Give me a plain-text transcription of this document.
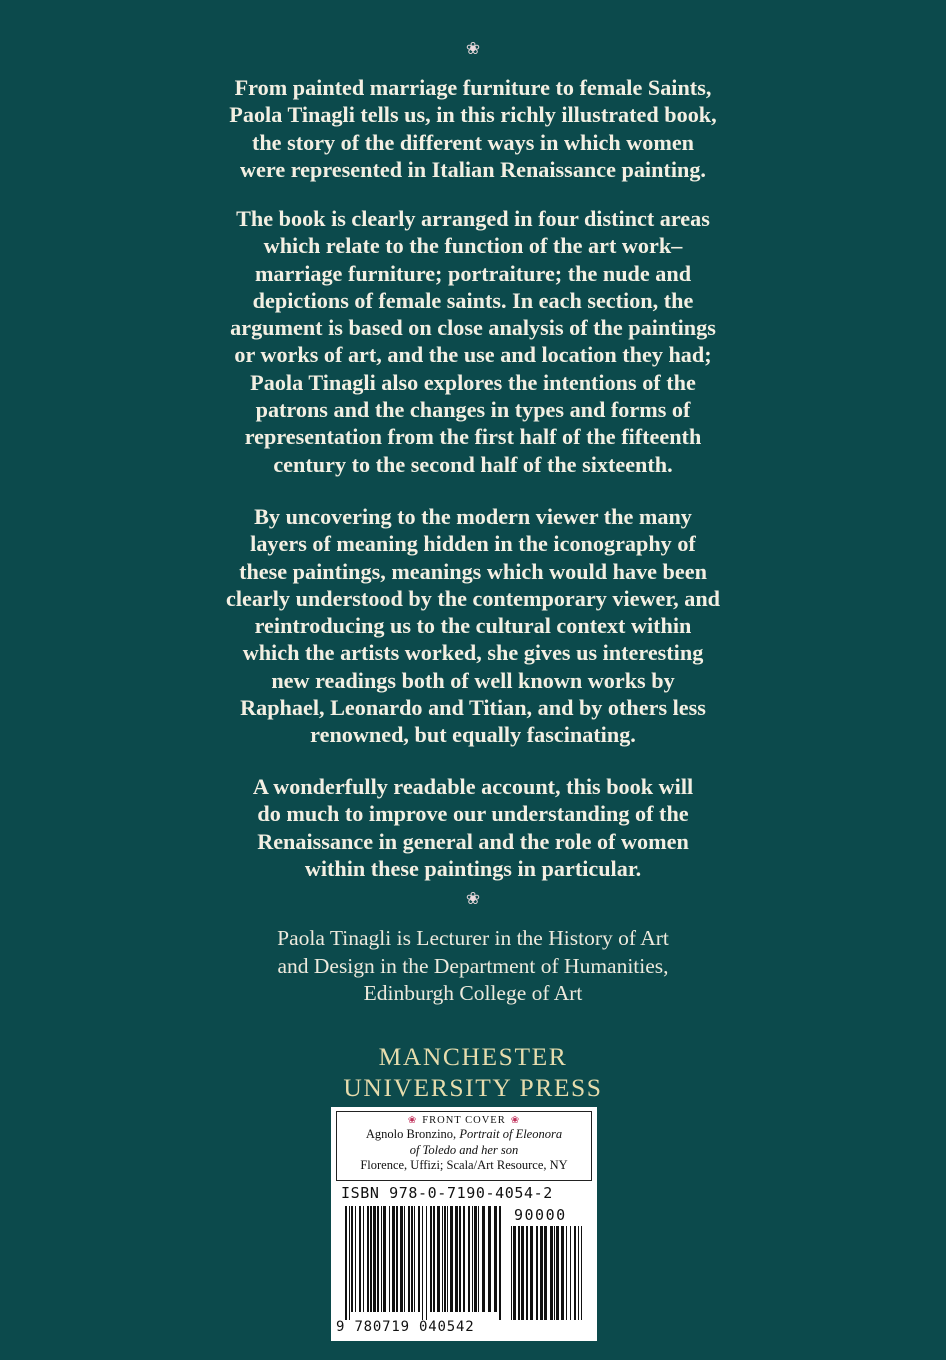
❀

From painted marriage furniture to female Saints,
Paola Tinagli tells us, in this richly illustrated book,
the story of the different ways in which women
were represented in Italian Renaissance painting.

The book is clearly arranged in four distinct areas
which relate to the function of the art work–
marriage furniture; portraiture; the nude and
depictions of female saints. In each section, the
argument is based on close analysis of the paintings
or works of art, and the use and location they had;
Paola Tinagli also explores the intentions of the
patrons and the changes in types and forms of
representation from the first half of the fifteenth
century to the second half of the sixteenth.

By uncovering to the modern viewer the many
layers of meaning hidden in the iconography of
these paintings, meanings which would have been
clearly understood by the contemporary viewer, and
reintroducing us to the cultural context within
which the artists worked, she gives us interesting
new readings both of well known works by
Raphael, Leonardo and Titian, and by others less
renowned, but equally fascinating.

A wonderfully readable account, this book will
do much to improve our understanding of the
Renaissance in general and the role of women
within these paintings in particular.

❀
Paola Tinagli is Lecturer in the History of Art
and Design in the Department of Humanities,
Edinburgh College of Art
MANCHESTER
UNIVERSITY PRESS
❀ FRONT COVER ❀
Agnolo Bronzino, Portrait of Eleonora
of Toledo and her son
Florence, Uffizi; Scala/Art Resource, NY
ISBN 978-0-7190-4054-2
90000
9 780719 040542
